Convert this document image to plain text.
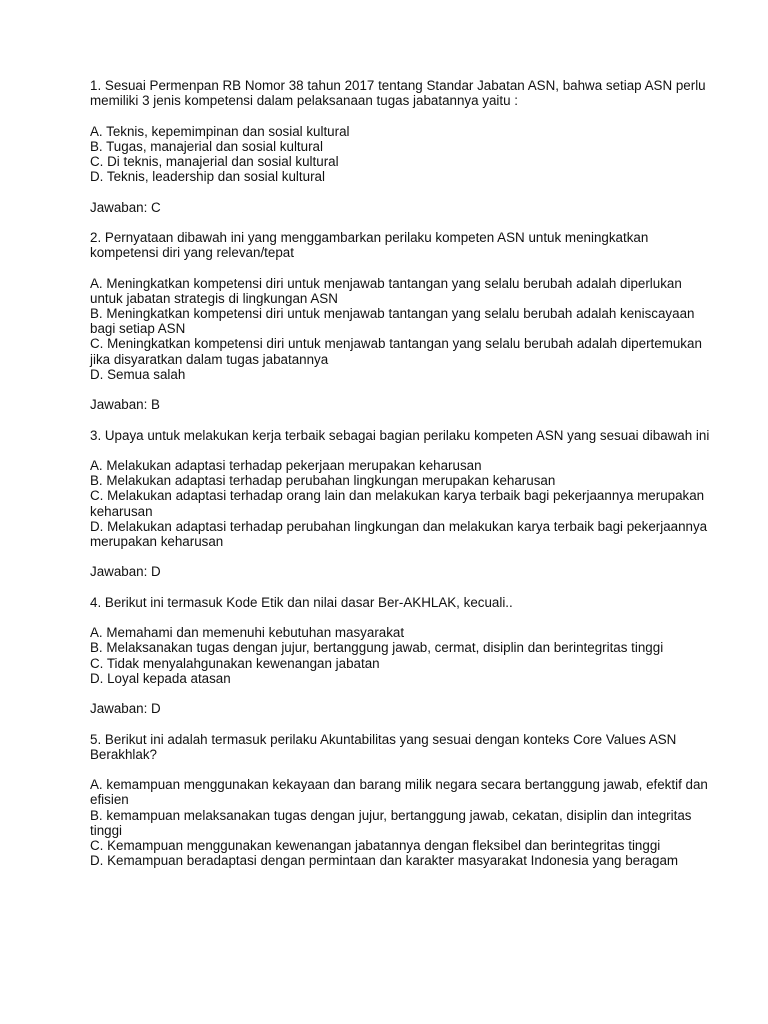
1. Sesuai Permenpan RB Nomor 38 tahun 2017 tentang Standar Jabatan ASN, bahwa setiap ASN perlu memiliki 3 jenis kompetensi dalam pelaksanaan tugas jabatannya yaitu :

A. Teknis, kepemimpinan dan sosial kultural
B. Tugas, manajerial dan sosial kultural
C. Di teknis, manajerial dan sosial kultural
D. Teknis, leadership dan sosial kultural

Jawaban: C

2. Pernyataan dibawah ini yang menggambarkan perilaku kompeten ASN untuk meningkatkan kompetensi diri yang relevan/tepat

A. Meningkatkan kompetensi diri untuk menjawab tantangan yang selalu berubah adalah diperlukan untuk jabatan strategis di lingkungan ASN
B. Meningkatkan kompetensi diri untuk menjawab tantangan yang selalu berubah adalah keniscayaan bagi setiap ASN
C. Meningkatkan kompetensi diri untuk menjawab tantangan yang selalu berubah adalah dipertemukan jika disyaratkan dalam tugas jabatannya
D. Semua salah

Jawaban: B

3. Upaya untuk melakukan kerja terbaik sebagai bagian perilaku kompeten ASN yang sesuai dibawah ini

A. Melakukan adaptasi terhadap pekerjaan merupakan keharusan
B. Melakukan adaptasi terhadap perubahan lingkungan merupakan keharusan
C. Melakukan adaptasi terhadap orang lain dan melakukan karya terbaik bagi pekerjaannya merupakan keharusan
D. Melakukan adaptasi terhadap perubahan lingkungan dan melakukan karya terbaik bagi pekerjaannya merupakan keharusan

Jawaban: D

4. Berikut ini termasuk Kode Etik dan nilai dasar Ber-AKHLAK, kecuali..

A. Memahami dan memenuhi kebutuhan masyarakat
B. Melaksanakan tugas dengan jujur, bertanggung jawab, cermat, disiplin dan berintegritas tinggi
C. Tidak menyalahgunakan kewenangan jabatan
D. Loyal kepada atasan

Jawaban: D

5. Berikut ini adalah termasuk perilaku Akuntabilitas yang sesuai dengan konteks Core Values ASN Berakhlak?

A. kemampuan menggunakan kekayaan dan barang milik negara secara bertanggung jawab, efektif dan efisien
B. kemampuan melaksanakan tugas dengan jujur, bertanggung jawab, cekatan, disiplin dan integritas tinggi
C. Kemampuan menggunakan kewenangan jabatannya dengan fleksibel dan berintegritas tinggi
D. Kemampuan beradaptasi dengan permintaan dan karakter masyarakat Indonesia yang beragam
